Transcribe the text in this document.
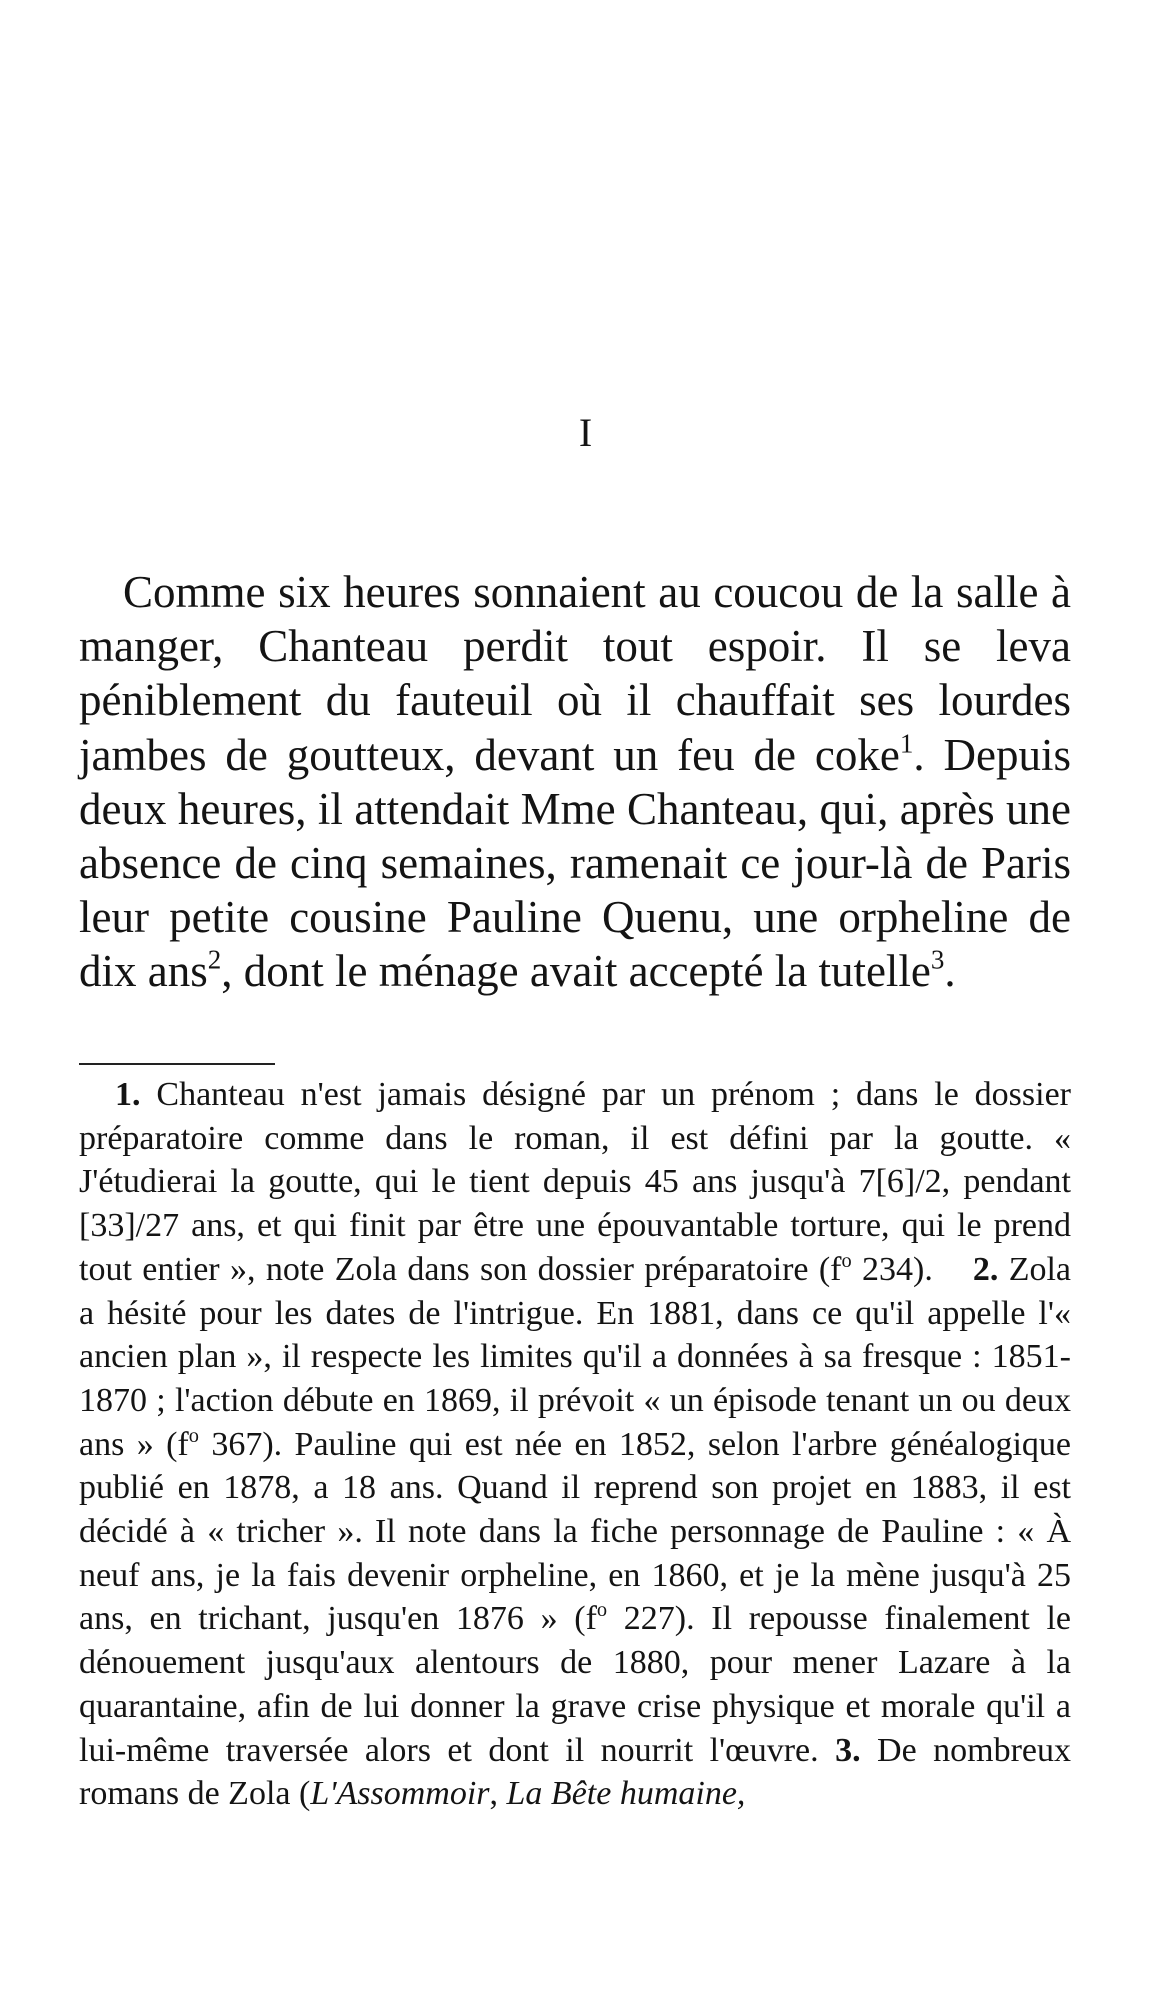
I

Comme six heures sonnaient au coucou de la salle à manger, Chanteau perdit tout espoir. Il se leva péniblement du fauteuil où il chauffait ses lourdes jambes de goutteux, devant un feu de coke$^1$. Depuis deux heures, il attendait Mme Chanteau, qui, après une absence de cinq semaines, ramenait ce jour-là de Paris leur petite cousine Pauline Quenu, une orpheline de dix ans$^2$, dont le ménage avait accepté la tutelle$^3$.

1. Chanteau n'est jamais désigné par un prénom ; dans le dossier préparatoire comme dans le roman, il est défini par la goutte. « J'étudierai la goutte, qui le tient depuis 45 ans jusqu'à 7[6]/2, pendant [33]/27 ans, et qui finit par être une épouvantable torture, qui le prend tout entier », note Zola dans son dossier préparatoire ($f^o$ 234). 2. Zola a hésité pour les dates de l'intrigue. En 1881, dans ce qu'il appelle l'« ancien plan », il respecte les limites qu'il a données à sa fresque : 1851-1870 ; l'action débute en 1869, il prévoit « un épisode tenant un ou deux ans » ($f^o$ 367). Pauline qui est née en 1852, selon l'arbre généalogique publié en 1878, a 18 ans. Quand il reprend son projet en 1883, il est décidé à « tricher ». Il note dans la fiche personnage de Pauline : « À neuf ans, je la fais devenir orpheline, en 1860, et je la mène jusqu'à 25 ans, en trichant, jusqu'en 1876 » ($f^o$ 227). Il repousse finalement le dénouement jusqu'aux alentours de 1880, pour mener Lazare à la quarantaine, afin de lui donner la grave crise physique et morale qu'il a lui-même traversée alors et dont il nourrit l'œuvre. 3. De nombreux romans de Zola (L'Assommoir, La Bête humaine,
